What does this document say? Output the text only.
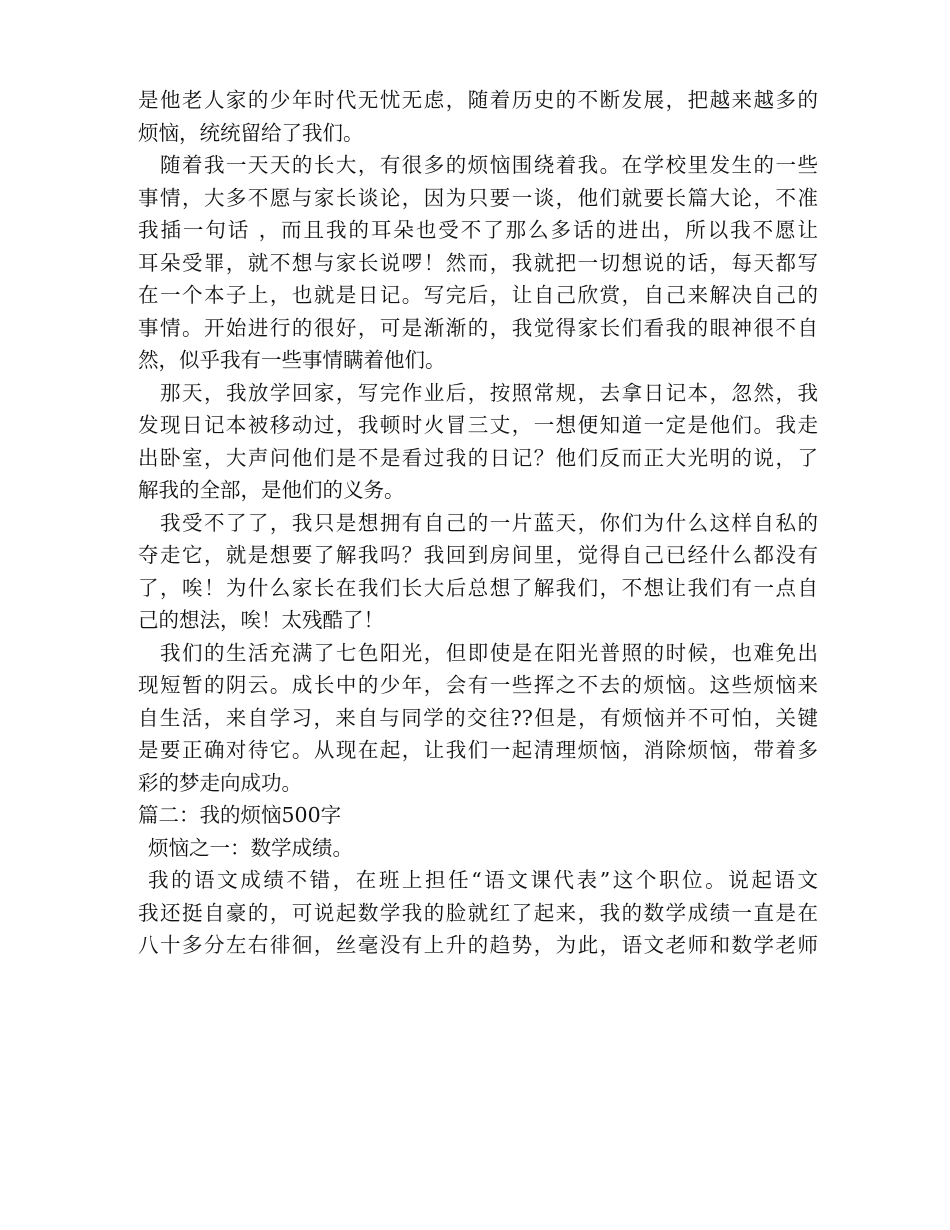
是他老人家的少年时代无忧无虑，随着历史的不断发展，把越来越多的
烦恼，统统留给了我们。
随着我一天天的长大，有很多的烦恼围绕着我。在学校里发生的一些
事情，大多不愿与家长谈论，因为只要一谈，他们就要长篇大论，不准
我插一句话 ，而且我的耳朵也受不了那么多话的进出，所以我不愿让
耳朵受罪，就不想与家长说啰！然而，我就把一切想说的话，每天都写
在一个本子上，也就是日记。写完后，让自己欣赏，自己来解决自己的
事情。开始进行的很好，可是渐渐的，我觉得家长们看我的眼神很不自
然，似乎我有一些事情瞒着他们。
那天，我放学回家，写完作业后，按照常规，去拿日记本，忽然，我
发现日记本被移动过，我顿时火冒三丈，一想便知道一定是他们。我走
出卧室，大声问他们是不是看过我的日记？他们反而正大光明的说，了
解我的全部，是他们的义务。
我受不了了，我只是想拥有自己的一片蓝天，你们为什么这样自私的
夺走它，就是想要了解我吗？我回到房间里，觉得自己已经什么都没有
了，唉！为什么家长在我们长大后总想了解我们，不想让我们有一点自
己的想法，唉！太残酷了！
我们的生活充满了七色阳光，但即使是在阳光普照的时候，也难免出
现短暂的阴云。成长中的少年，会有一些挥之不去的烦恼。这些烦恼来
自生活，来自学习，来自与同学的交往??但是，有烦恼并不可怕，关键
是要正确对待它。从现在起，让我们一起清理烦恼，消除烦恼，带着多
彩的梦走向成功。
篇二：我的烦恼500字
烦恼之一：数学成绩。
我的语文成绩不错，在班上担任“语文课代表”这个职位。说起语文
我还挺自豪的，可说起数学我的脸就红了起来，我的数学成绩一直是在
八十多分左右徘徊，丝毫没有上升的趋势，为此，语文老师和数学老师
